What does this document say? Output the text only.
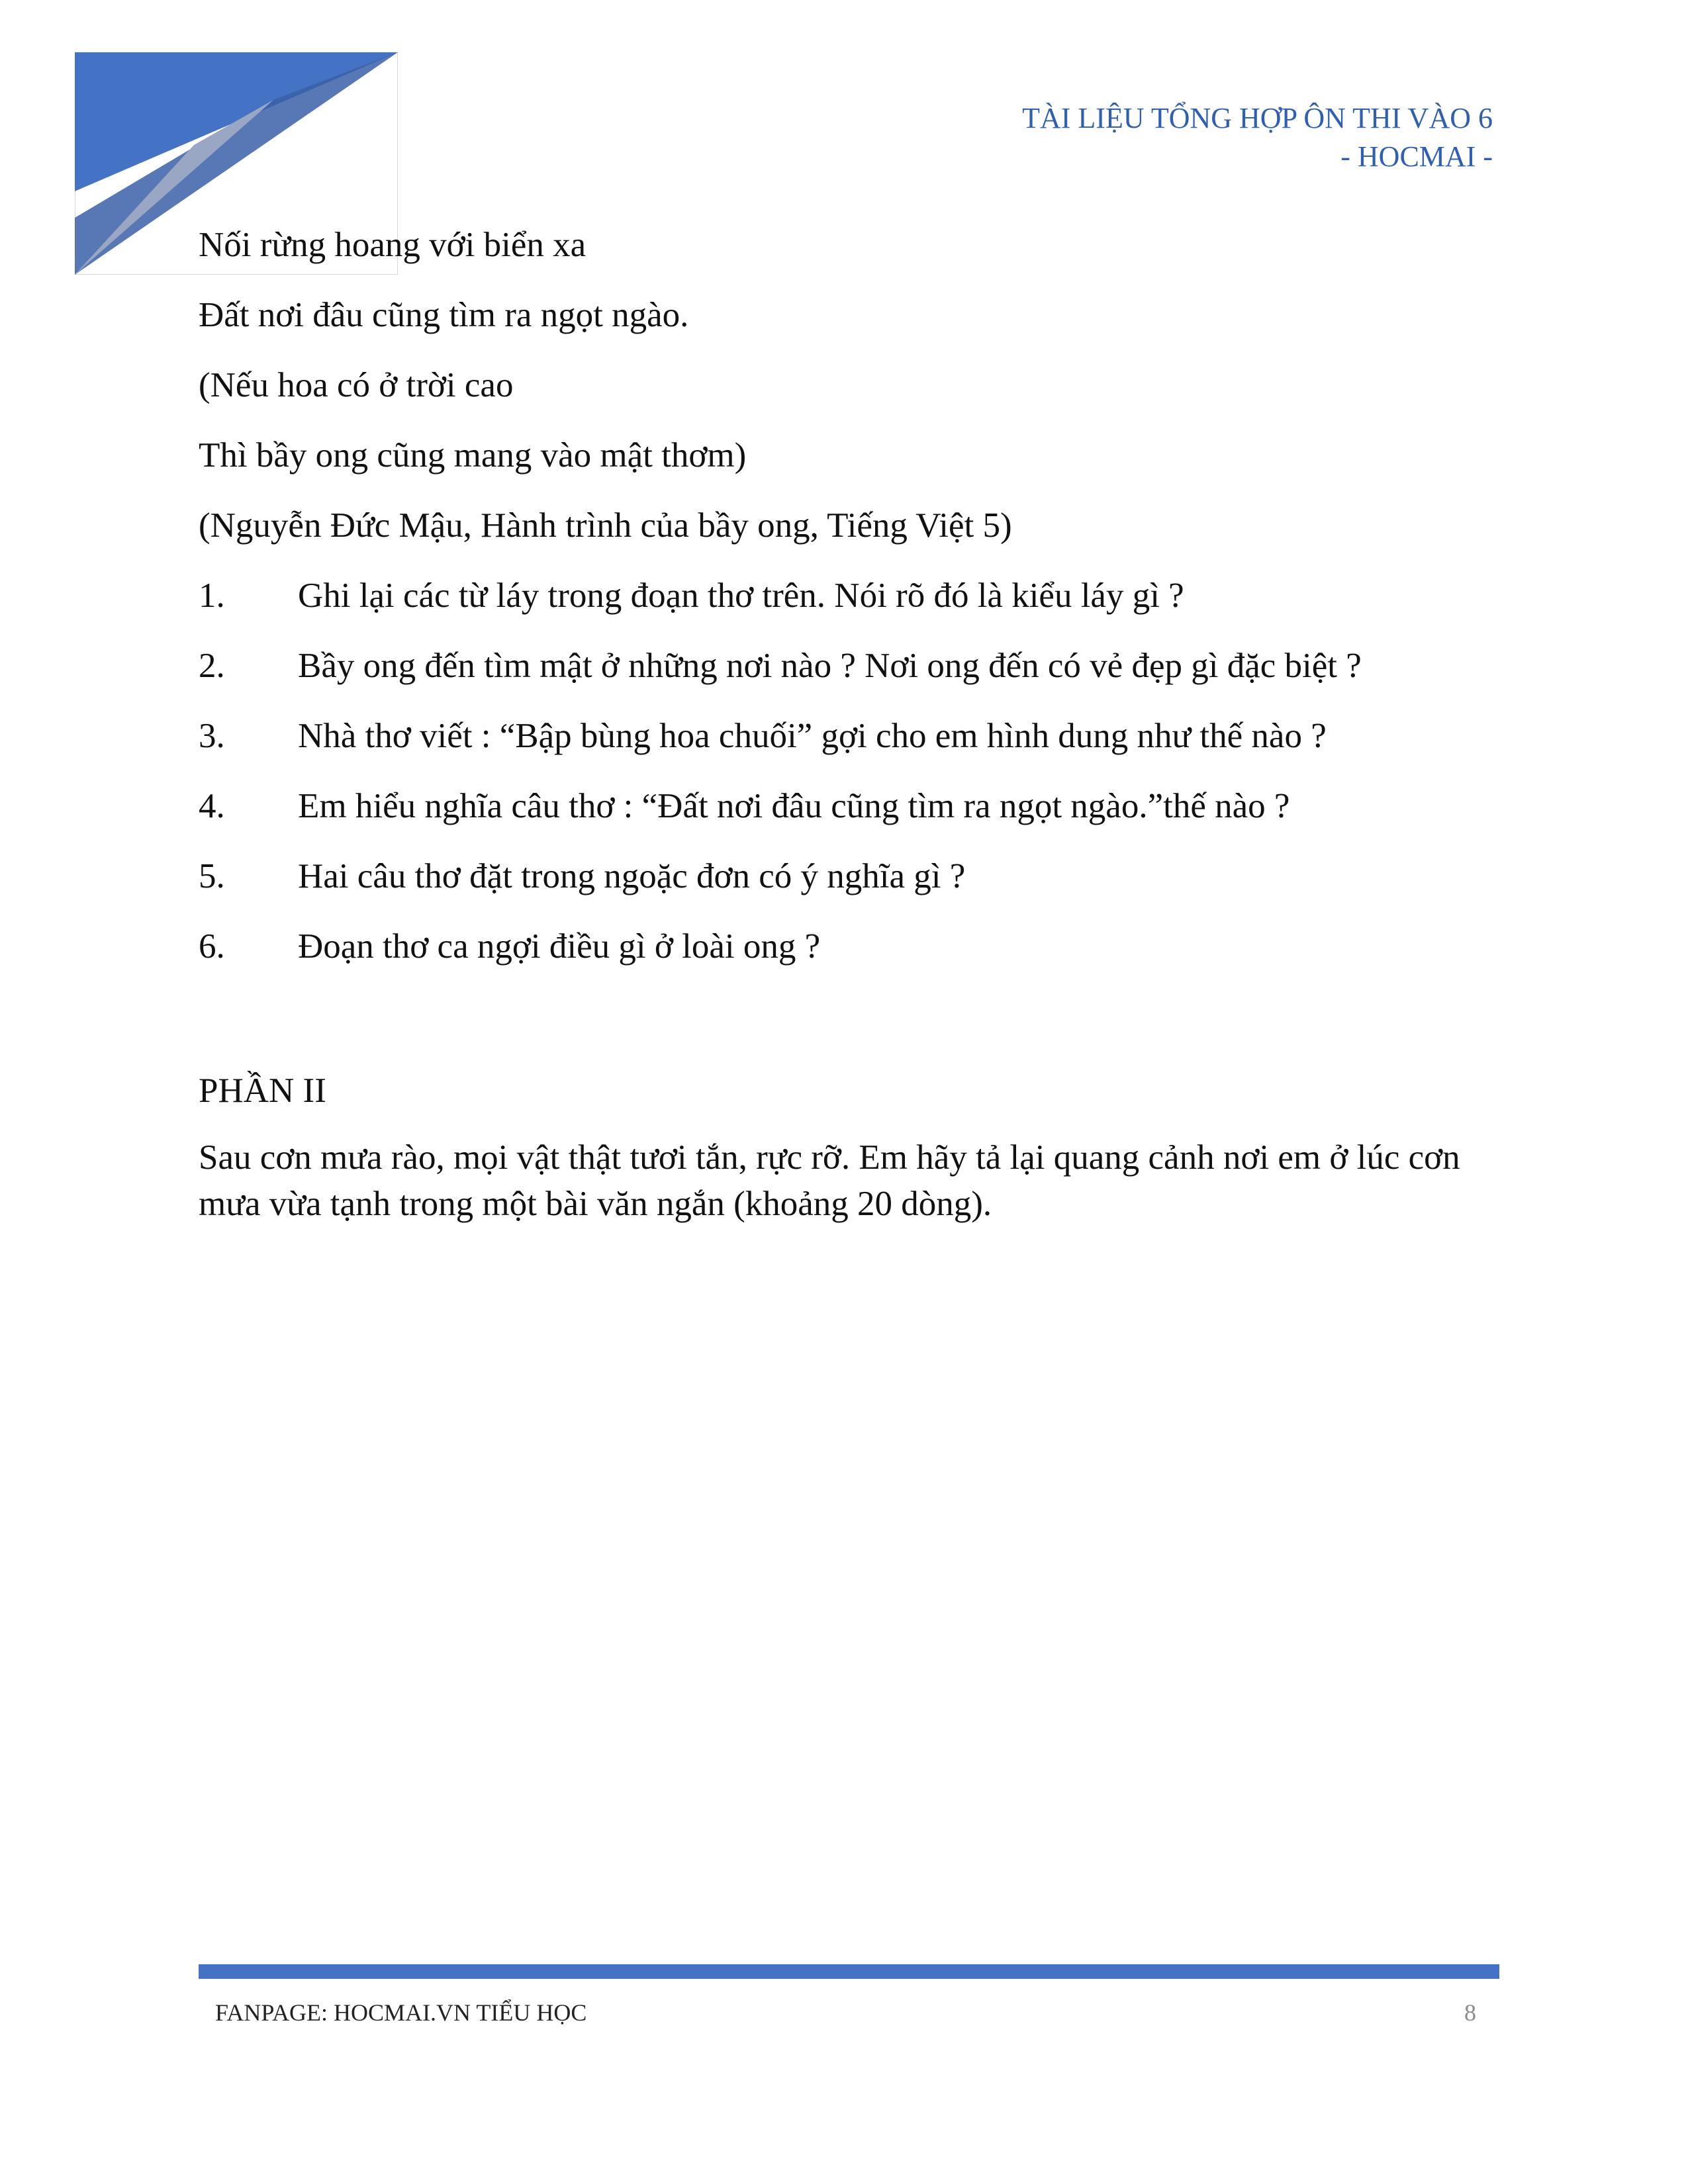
TÀI LIỆU TỔNG HỢP ÔN THI VÀO 6
- HOCMAI -
Nối rừng hoang với biển xa
Đất nơi đâu cũng tìm ra ngọt ngào.
(Nếu hoa có ở trời cao
Thì bầy ong cũng mang vào mật thơm)
(Nguyễn Đức Mậu, Hành trình của bầy ong, Tiếng Việt 5)
1.	Ghi lại các từ láy trong đoạn thơ trên. Nói rõ đó là kiểu láy gì ?
2.	Bầy ong đến tìm mật ở những nơi nào ? Nơi ong đến có vẻ đẹp gì đặc biệt ?
3.	Nhà thơ viết : “Bập bùng hoa chuối” gợi cho em hình dung như thế nào ?
4.	Em hiểu nghĩa câu thơ : “Đất nơi đâu cũng tìm ra ngọt ngào.”thế nào ?
5.	Hai câu thơ đặt trong ngoặc đơn có ý nghĩa gì ?
6.	Đoạn thơ ca ngợi điều gì ở loài ong ?
PHẦN II
Sau cơn mưa rào, mọi vật thật tươi tắn, rực rỡ. Em hãy tả lại quang cảnh nơi em ở lúc cơn mưa vừa tạnh trong một bài văn ngắn (khoảng 20 dòng).
FANPAGE: HOCMAI.VN TIỂU HỌC	8
